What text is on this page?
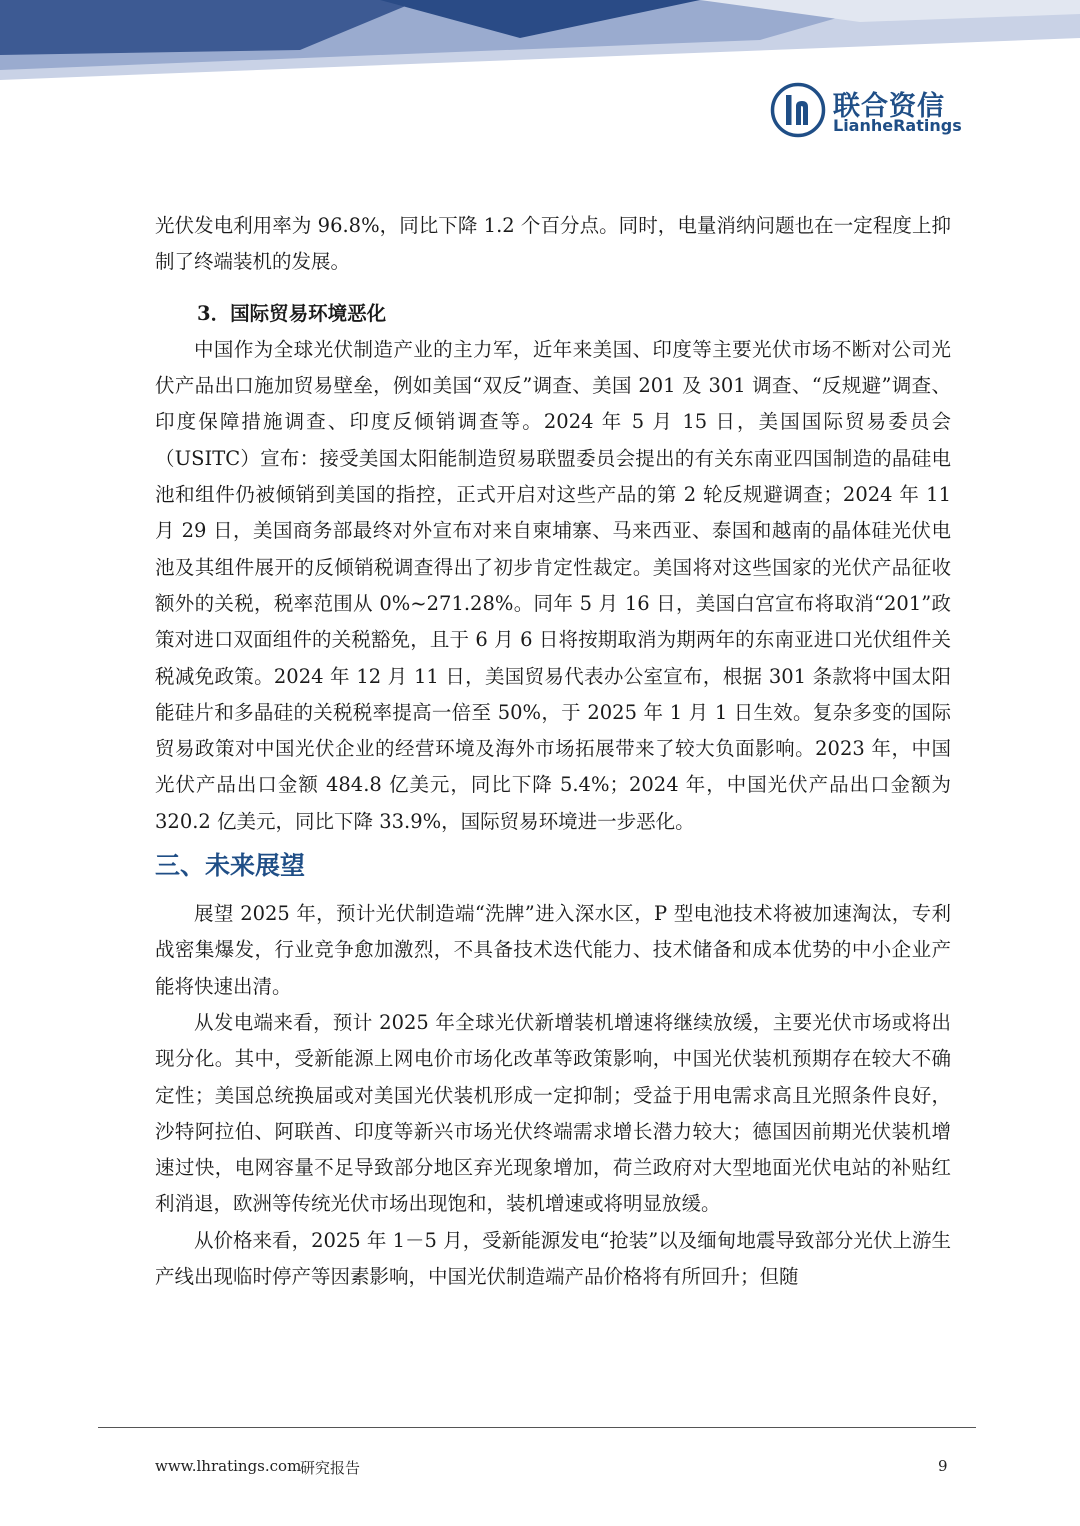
联合资信
LianheRatings

光伏发电利用率为 96.8%，同比下降 1.2 个百分点。同时，电量消纳问题也在一定程度上抑制了终端装机的发展。

3．国际贸易环境恶化

中国作为全球光伏制造产业的主力军，近年来美国、印度等主要光伏市场不断对公司光伏产品出口施加贸易壁垒，例如美国“双反”调查、美国 201 及 301 调查、“反规避”调查、印度保障措施调查、印度反倾销调查等。2024 年 5 月 15 日，美国国际贸易委员会（USITC）宣布：接受美国太阳能制造贸易联盟委员会提出的有关东南亚四国制造的晶硅电池和组件仍被倾销到美国的指控，正式开启对这些产品的第 2 轮反规避调查；2024 年 11 月 29 日，美国商务部最终对外宣布对来自柬埔寨、马来西亚、泰国和越南的晶体硅光伏电池及其组件展开的反倾销税调查得出了初步肯定性裁定。美国将对这些国家的光伏产品征收额外的关税，税率范围从 0%~271.28%。同年 5 月 16 日，美国白宫宣布将取消“201”政策对进口双面组件的关税豁免，且于 6 月 6 日将按期取消为期两年的东南亚进口光伏组件关税减免政策。2024 年 12 月 11 日，美国贸易代表办公室宣布，根据 301 条款将中国太阳能硅片和多晶硅的关税税率提高一倍至 50%，于 2025 年 1 月 1 日生效。复杂多变的国际贸易政策对中国光伏企业的经营环境及海外市场拓展带来了较大负面影响。2023 年，中国光伏产品出口金额 484.8 亿美元，同比下降 5.4%；2024 年，中国光伏产品出口金额为 320.2 亿美元，同比下降 33.9%，国际贸易环境进一步恶化。

三、未来展望

展望 2025 年，预计光伏制造端“洗牌”进入深水区，P 型电池技术将被加速淘汰，专利战密集爆发，行业竞争愈加激烈，不具备技术迭代能力、技术储备和成本优势的中小企业产能将快速出清。

从发电端来看，预计 2025 年全球光伏新增装机增速将继续放缓，主要光伏市场或将出现分化。其中，受新能源上网电价市场化改革等政策影响，中国光伏装机预期存在较大不确定性；美国总统换届或对美国光伏装机形成一定抑制；受益于用电需求高且光照条件良好，沙特阿拉伯、阿联酋、印度等新兴市场光伏终端需求增长潜力较大；德国因前期光伏装机增速过快，电网容量不足导致部分地区弃光现象增加，荷兰政府对大型地面光伏电站的补贴红利消退，欧洲等传统光伏市场出现饱和，装机增速或将明显放缓。

从价格来看，2025 年 1－5 月，受新能源发电“抢装”以及缅甸地震导致部分光伏上游生产线出现临时停产等因素影响，中国光伏制造端产品价格将有所回升；但随

www.lhratings.com
研究报告	9
